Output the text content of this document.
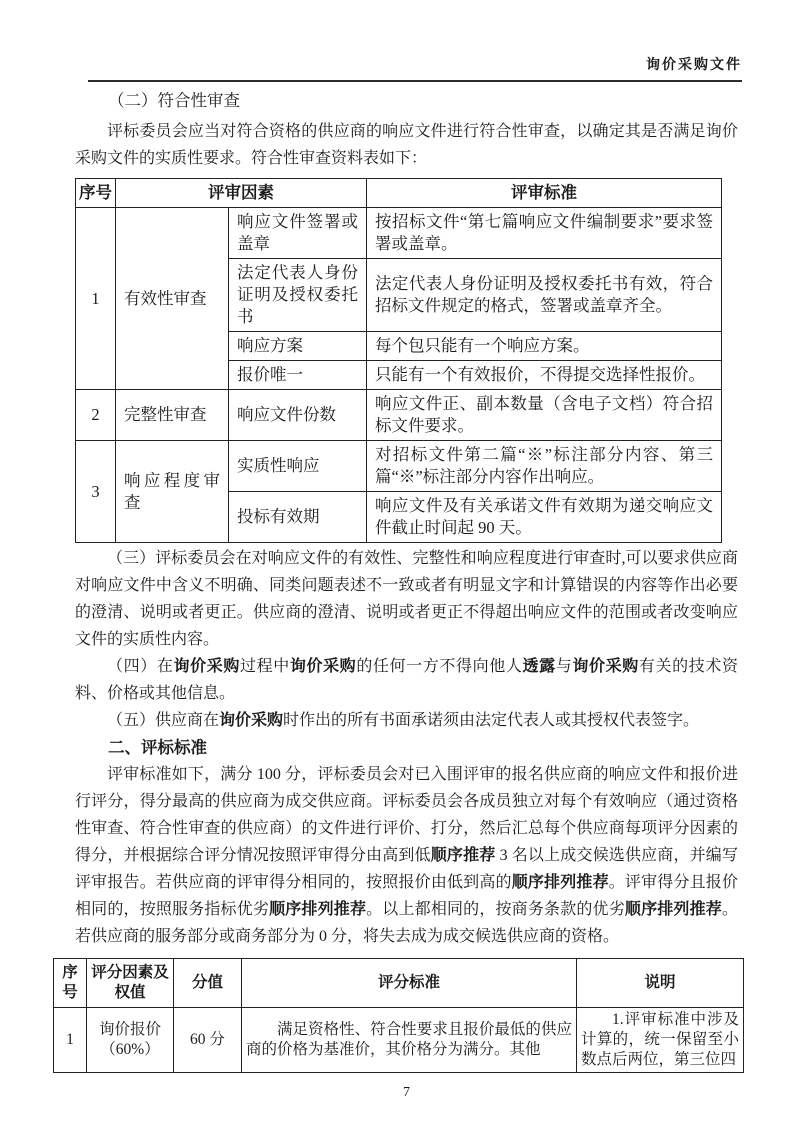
询价采购文件

（二）符合性审查

评标委员会应当对符合资格的供应商的响应文件进行符合性审查，以确定其是否满足询价采购文件的实质性要求。符合性审查资料表如下：

序号	评审因素		评审标准
1	有效性审查	响应文件签署或盖章	按招标文件“第七篇响应文件编制要求”要求签署或盖章。
		法定代表人身份证明及授权委托书	法定代表人身份证明及授权委托书有效，符合招标文件规定的格式，签署或盖章齐全。
		响应方案	每个包只能有一个响应方案。
		报价唯一	只能有一个有效报价，不得提交选择性报价。
2	完整性审查	响应文件份数	响应文件正、副本数量（含电子文档）符合招标文件要求。
3	响应程度审查	实质性响应	对招标文件第二篇“※”标注部分内容、第三篇“※”标注部分内容作出响应。
		投标有效期	响应文件及有关承诺文件有效期为递交响应文件截止时间起 90 天。

（三）评标委员会在对响应文件的有效性、完整性和响应程度进行审查时,可以要求供应商对响应文件中含义不明确、同类问题表述不一致或者有明显文字和计算错误的内容等作出必要的澄清、说明或者更正。供应商的澄清、说明或者更正不得超出响应文件的范围或者改变响应文件的实质性内容。

（四）在询价采购过程中询价采购的任何一方不得向他人透露与询价采购有关的技术资料、价格或其他信息。

（五）供应商在询价采购时作出的所有书面承诺须由法定代表人或其授权代表签字。

二、评标标准

评审标准如下，满分 100 分，评标委员会对已入围评审的报名供应商的响应文件和报价进行评分，得分最高的供应商为成交供应商。评标委员会各成员独立对每个有效响应（通过资格性审查、符合性审查的供应商）的文件进行评价、打分，然后汇总每个供应商每项评分因素的得分，并根据综合评分情况按照评审得分由高到低顺序推荐 3 名以上成交候选供应商，并编写评审报告。若供应商的评审得分相同的，按照报价由低到高的顺序排列推荐。评审得分且报价相同的，按照服务指标优劣顺序排列推荐。以上都相同的，按商务条款的优劣顺序排列推荐。若供应商的服务部分或商务部分为 0 分，将失去成为成交候选供应商的资格。

序号	评分因素及权值	分值	评分标准	说明
1	询价报价（60%）	60 分	满足资格性、符合性要求且报价最低的供应商的价格为基准价，其价格分为满分。其他	1.评审标准中涉及计算的，统一保留至小数点后两位，第三位四
7
